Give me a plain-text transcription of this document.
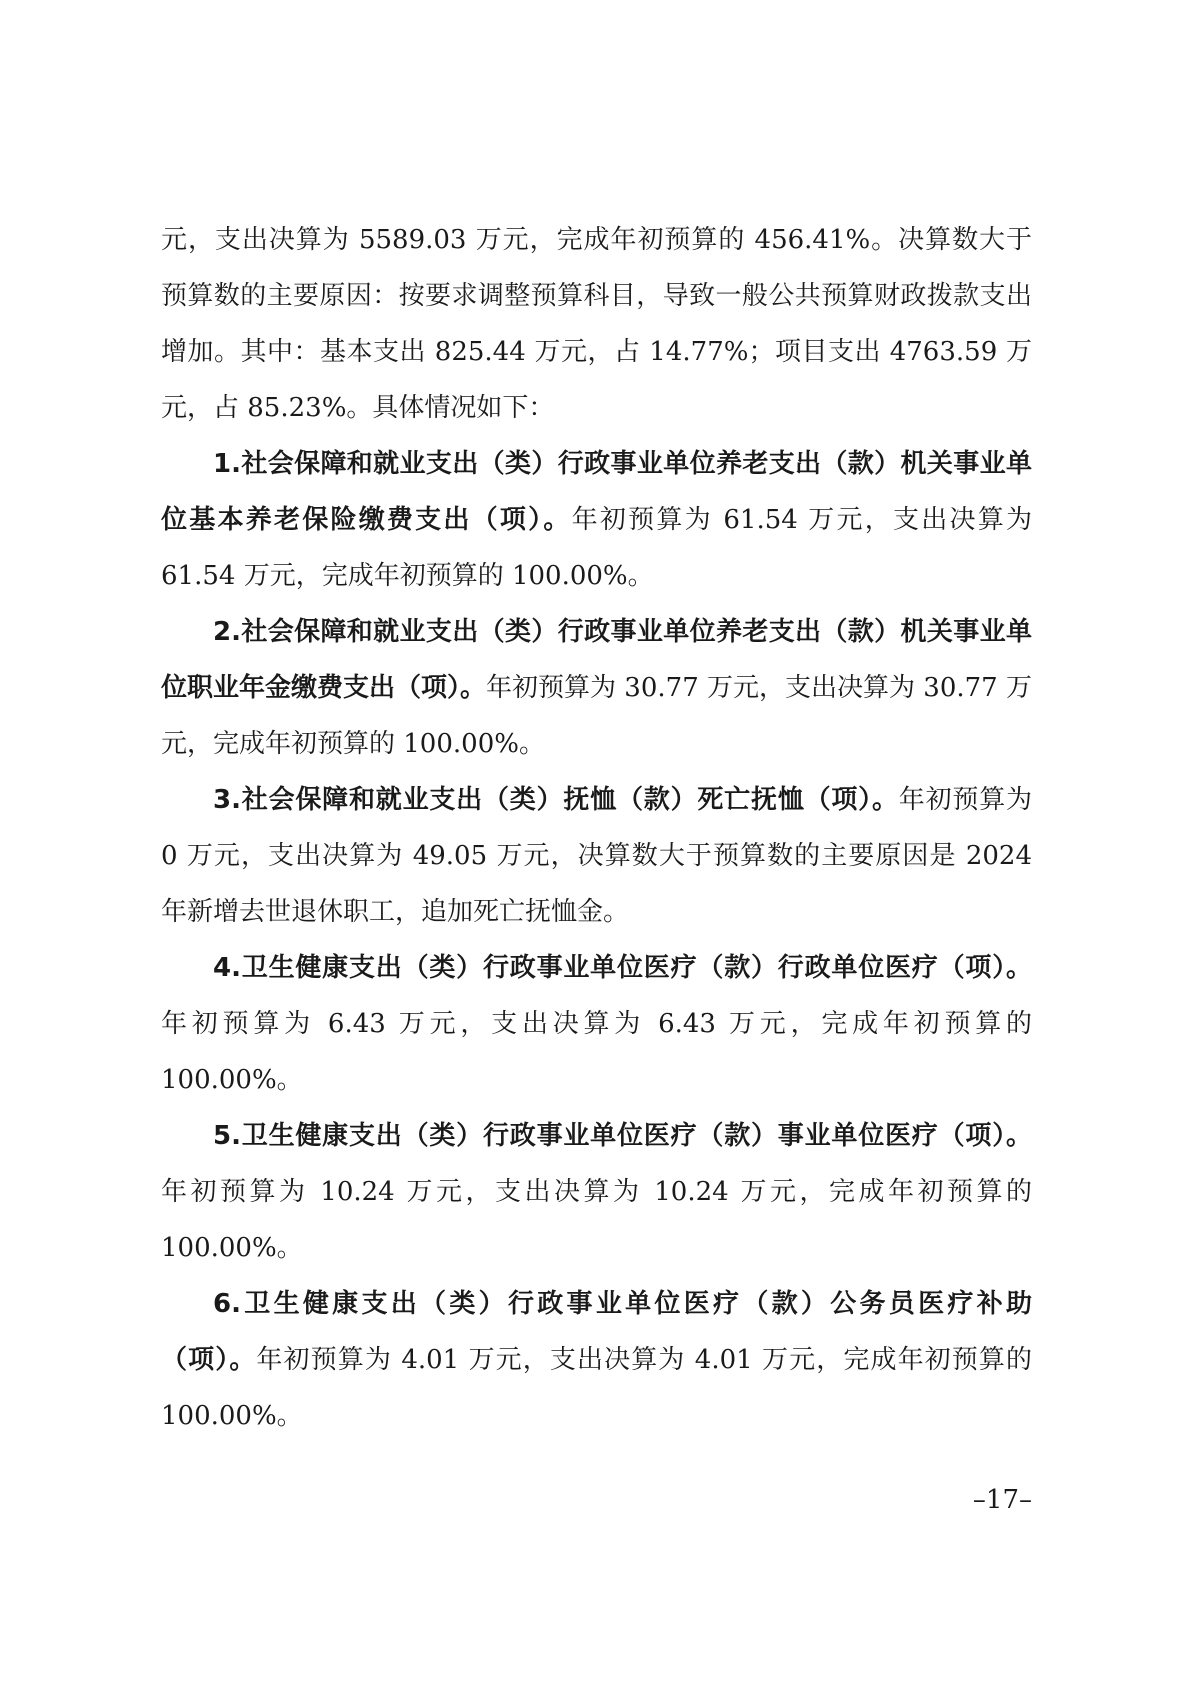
元，支出决算为 5589.03 万元，完成年初预算的 456.41%。决算数大于预算数的主要原因：按要求调整预算科目，导致一般公共预算财政拨款支出增加。其中：基本支出 825.44 万元，占 14.77%；项目支出 4763.59 万元，占 85.23%。具体情况如下：

1.社会保障和就业支出（类）行政事业单位养老支出（款）机关事业单位基本养老保险缴费支出（项）。年初预算为 61.54 万元，支出决算为 61.54 万元，完成年初预算的 100.00%。

2.社会保障和就业支出（类）行政事业单位养老支出（款）机关事业单位职业年金缴费支出（项）。年初预算为 30.77 万元，支出决算为 30.77 万元，完成年初预算的 100.00%。

3.社会保障和就业支出（类）抚恤（款）死亡抚恤（项）。年初预算为 0 万元，支出决算为 49.05 万元，决算数大于预算数的主要原因是 2024 年新增去世退休职工，追加死亡抚恤金。

4.卫生健康支出（类）行政事业单位医疗（款）行政单位医疗（项）。年初预算为 6.43 万元，支出决算为 6.43 万元，完成年初预算的 100.00%。

5.卫生健康支出（类）行政事业单位医疗（款）事业单位医疗（项）。年初预算为 10.24 万元，支出决算为 10.24 万元，完成年初预算的 100.00%。

6.卫生健康支出（类）行政事业单位医疗（款）公务员医疗补助（项）。年初预算为 4.01 万元，支出决算为 4.01 万元，完成年初预算的 100.00%。

–17–
